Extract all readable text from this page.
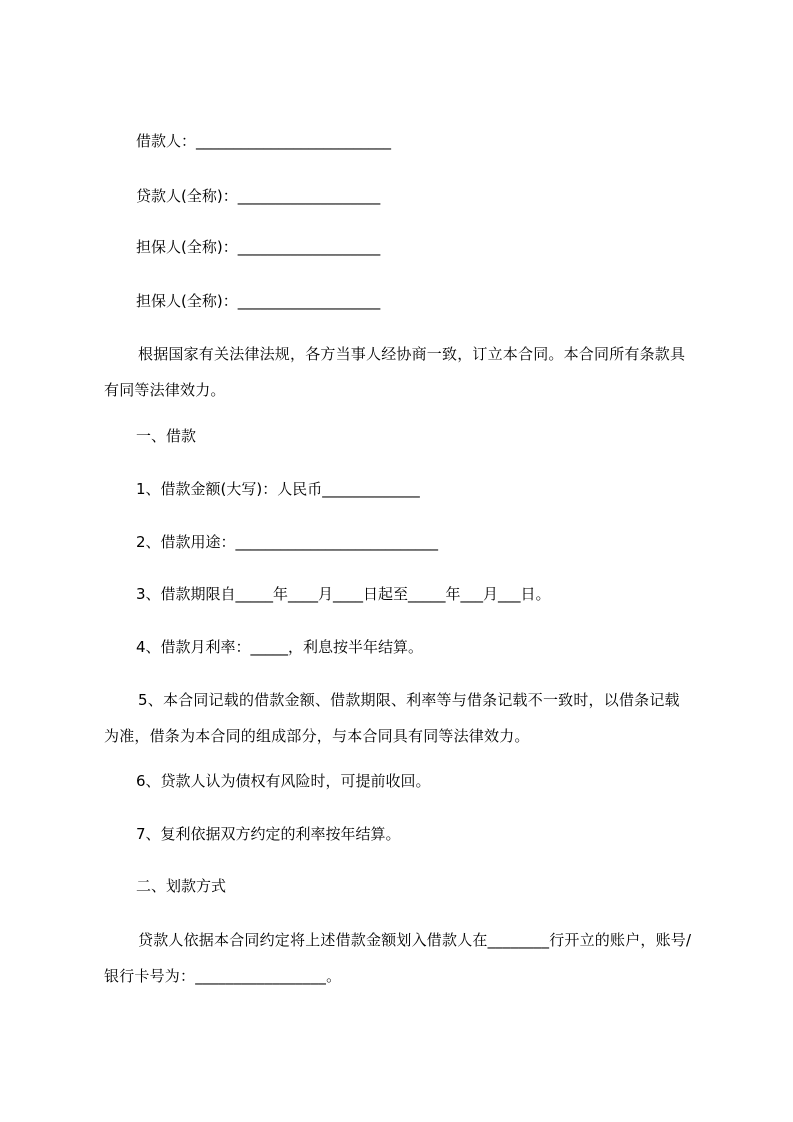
借款人：__________________________
贷款人(全称)：___________________
担保人(全称)：___________________
担保人(全称)：___________________
根据国家有关法律法规，各方当事人经协商一致，订立本合同。本合同所有条款具有同等法律效力。
一、借款
1、借款金额(大写)：人民币_____________
2、借款用途：___________________________
3、借款期限自_____年____月____日起至_____年___月___日。
4、借款月利率：_____，利息按半年结算。
5、本合同记载的借款金额、借款期限、利率等与借条记载不一致时，以借条记载为准，借条为本合同的组成部分，与本合同具有同等法律效力。
6、贷款人认为债权有风险时，可提前收回。
7、复利依据双方约定的利率按年结算。
二、划款方式
贷款人依据本合同约定将上述借款金额划入借款人在________行开立的账户，账号/银行卡号为：_________________。
